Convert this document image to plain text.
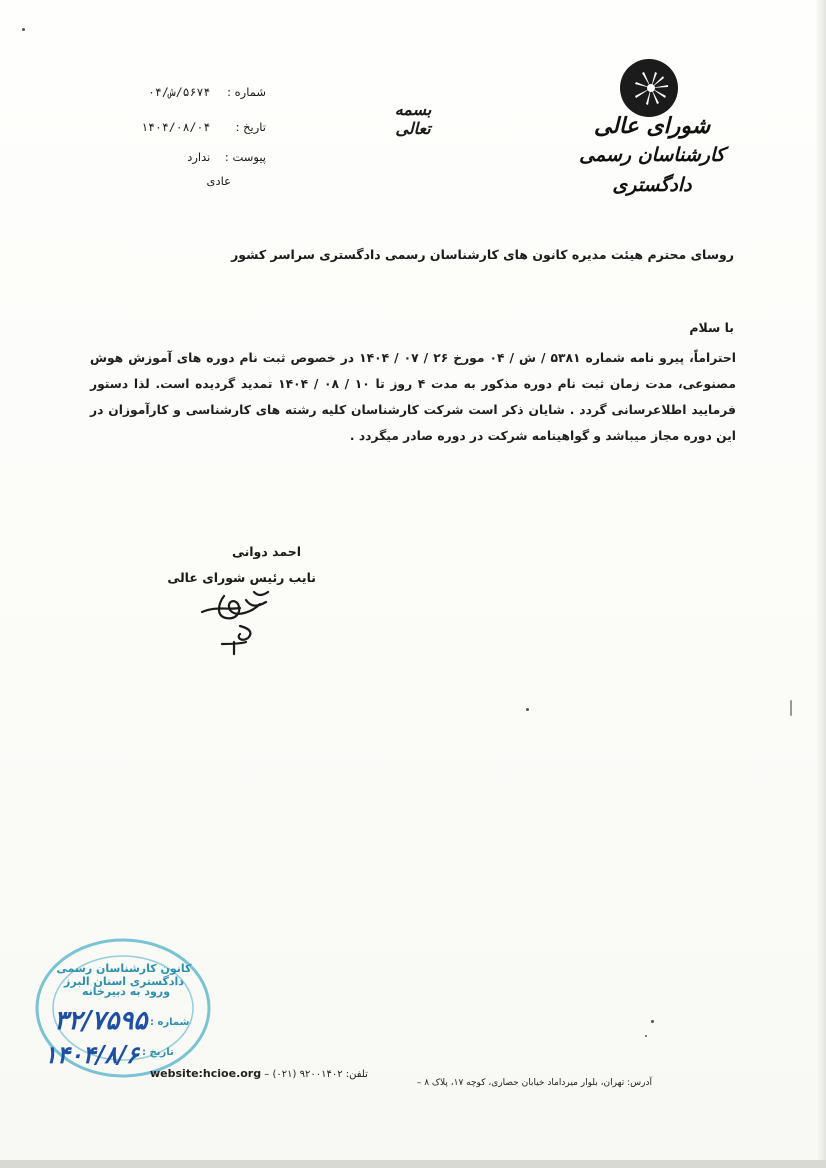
شورای عالی
کارشناسان رسمی دادگستری
بسمه تعالی
شماره : ۵۶۷۴/ش/۰۴
تاریخ : ۱۴۰۴/۰۸/۰۴
پیوست : ندارد
عادی
روسای محترم هیئت مدیره کانون های کارشناسان رسمی دادگستری سراسر کشور
با سلام
احتراماً، پیرو نامه شماره ۵۳۸۱ / ش / ۰۴ مورخ ۲۶ / ۰۷ / ۱۴۰۴ در خصوص ثبت نام دوره های آموزش هوش مصنوعی، مدت زمان ثبت نام دوره مذکور به مدت ۴ روز تا ۱۰ / ۰۸ / ۱۴۰۴ تمدید گردیده است. لذا دستور فرمایید اطلاعرسانی گردد . شایان ذکر است شرکت کارشناسان کلیه رشته های کارشناسی و کارآموزان در این دوره مجاز میباشد و گواهینامه شرکت در دوره صادر میگردد .
احمد دوانی
نایب رئیس شورای عالی
کانون کارشناسان رسمی دادگستری استان البرز
ورود به دبیرخانه
شماره :
تاریخ :
۳۲/۷۵۹۵
۱۴۰۴/۸/۶
website:hcioe.org تلفن: ۹۲۰۰۱۴۰۲ (۰۲۱) –
آدرس: تهران، بلوار میرداماد خیابان حصاری، کوچه ۱۷، پلاک ۸ –
